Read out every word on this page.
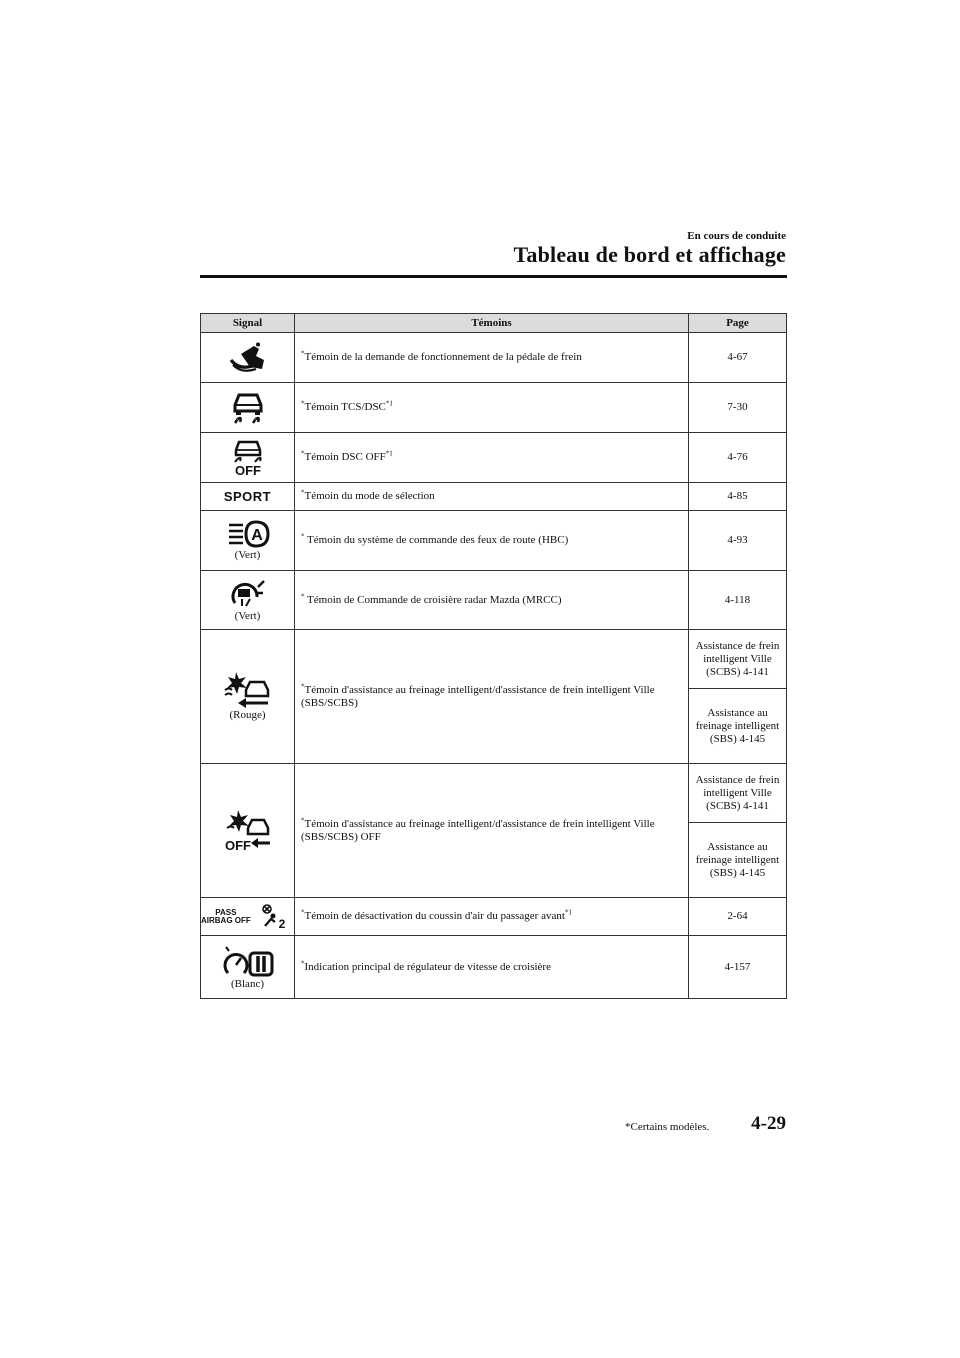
En cours de conduite
Tableau de bord et affichage
Signal	Témoins	Page

	*Témoin de la demande de fonctionnement de la pédale de frein	4-67

	*Témoin TCS/DSC$^{*1}$	7-30

OFF	*Témoin DSC OFF$^{*1}$	4-76
SPORT	*Témoin du mode de sélection	4-85

A
(Vert)	* Témoin du système de commande des feux de route (HBC)	4-93

(Vert)	* Témoin de Commande de croisière radar Mazda (MRCC)	4-118

(Rouge)	*Témoin d'assistance au freinage intelligent/d'assistance de frein intelligent Ville (SBS/SCBS)	Assistance de frein intelligent Ville (SCBS) 4-141
		Assistance au freinage intelligent (SBS) 4-145

OFF	*Témoin d'assistance au freinage intelligent/d'assistance de frein intelligent Ville (SBS/SCBS) OFF	Assistance de frein intelligent Ville (SCBS) 4-141
		Assistance au freinage intelligent (SBS) 4-145

PASS
AIRBAG OFF 2	*Témoin de désactivation du coussin d'air du passager avant$^{*1}$	2-64

(Blanc)	*Indication principal de régulateur de vitesse de croisière	4-157
*Certains modèles. 4-29
